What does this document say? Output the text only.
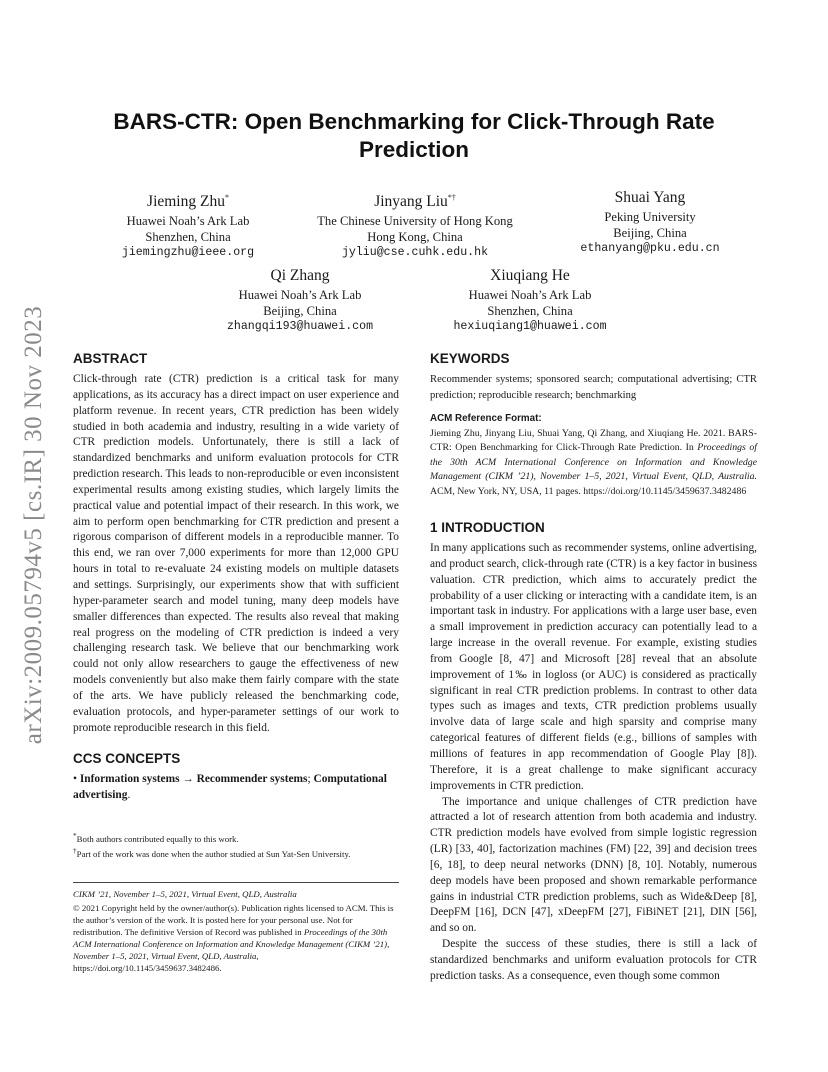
arXiv:2009.05794v5 [cs.IR] 30 Nov 2023
BARS-CTR: Open Benchmarking for Click-Through Rate
Prediction
Jieming Zhu*
Huawei Noah’s Ark Lab
Shenzhen, China
jiemingzhu@ieee.org
Jinyang Liu*†
The Chinese University of Hong Kong
Hong Kong, China
jyliu@cse.cuhk.edu.hk
Shuai Yang
Peking University
Beijing, China
ethanyang@pku.edu.cn
Qi Zhang
Huawei Noah’s Ark Lab
Beijing, China
zhangqi193@huawei.com
Xiuqiang He
Huawei Noah’s Ark Lab
Shenzhen, China
hexiuqiang1@huawei.com
ABSTRACT

Click-through rate (CTR) prediction is a critical task for many applications, as its accuracy has a direct impact on user experience and platform revenue. In recent years, CTR prediction has been widely studied in both academia and industry, resulting in a wide variety of CTR prediction models. Unfortunately, there is still a lack of standardized benchmarks and uniform evaluation protocols for CTR prediction research. This leads to non-reproducible or even inconsistent experimental results among existing studies, which largely limits the practical value and potential impact of their research. In this work, we aim to perform open benchmarking for CTR prediction and present a rigorous comparison of different models in a reproducible manner. To this end, we ran over 7,000 experiments for more than 12,000 GPU hours in total to re-evaluate 24 existing models on multiple datasets and settings. Surprisingly, our experiments show that with sufficient hyper-parameter search and model tuning, many deep models have smaller differences than expected. The results also reveal that making real progress on the modeling of CTR prediction is indeed a very challenging research task. We believe that our benchmarking work could not only allow researchers to gauge the effectiveness of new models conveniently but also make them fairly compare with the state of the arts. We have publicly released the benchmarking code, evaluation protocols, and hyper-parameter settings of our work to promote reproducible research in this field.

CCS CONCEPTS

• Information systems → Recommender systems; Computational advertising.

*Both authors contributed equally to this work.
†Part of the work was done when the author studied at Sun Yat-Sen University.
CIKM ’21, November 1–5, 2021, Virtual Event, QLD, Australia
© 2021 Copyright held by the owner/author(s). Publication rights licensed to ACM. This is the author’s version of the work. It is posted here for your personal use. Not for redistribution. The definitive Version of Record was published in Proceedings of the 30th ACM International Conference on Information and Knowledge Management (CIKM ’21), November 1–5, 2021, Virtual Event, QLD, Australia, https://doi.org/10.1145/3459637.3482486.
KEYWORDS

Recommender systems; sponsored search; computational advertising; CTR prediction; reproducible research; benchmarking

ACM Reference Format:

Jieming Zhu, Jinyang Liu, Shuai Yang, Qi Zhang, and Xiuqiang He. 2021. BARS-CTR: Open Benchmarking for Click-Through Rate Prediction. In Proceedings of the 30th ACM International Conference on Information and Knowledge Management (CIKM ’21), November 1–5, 2021, Virtual Event, QLD, Australia. ACM, New York, NY, USA, 11 pages. https://doi.org/10.1145/3459637.3482486

1 INTRODUCTION

In many applications such as recommender systems, online advertising, and product search, click-through rate (CTR) is a key factor in business valuation. CTR prediction, which aims to accurately predict the probability of a user clicking or interacting with a candidate item, is an important task in industry. For applications with a large user base, even a small improvement in prediction accuracy can potentially lead to a large increase in the overall revenue. For example, existing studies from Google [8, 47] and Microsoft [28] reveal that an absolute improvement of 1‰ in logloss (or AUC) is considered as practically significant in real CTR prediction problems. In contrast to other data types such as images and texts, CTR prediction problems usually involve data of large scale and high sparsity and comprise many categorical features of different fields (e.g., billions of samples with millions of features in app recommendation of Google Play [8]). Therefore, it is a great challenge to make significant accuracy improvements in CTR prediction.

The importance and unique challenges of CTR prediction have attracted a lot of research attention from both academia and industry. CTR prediction models have evolved from simple logistic regression (LR) [33, 40], factorization machines (FM) [22, 39] and decision trees [6, 18], to deep neural networks (DNN) [8, 10]. Notably, numerous deep models have been proposed and shown remarkable performance gains in industrial CTR prediction problems, such as Wide&Deep [8], DeepFM [16], DCN [47], xDeepFM [27], FiBiNET [21], DIN [56], and so on.

Despite the success of these studies, there is still a lack of standardized benchmarks and uniform evaluation protocols for CTR prediction tasks. As a consequence, even though some common
